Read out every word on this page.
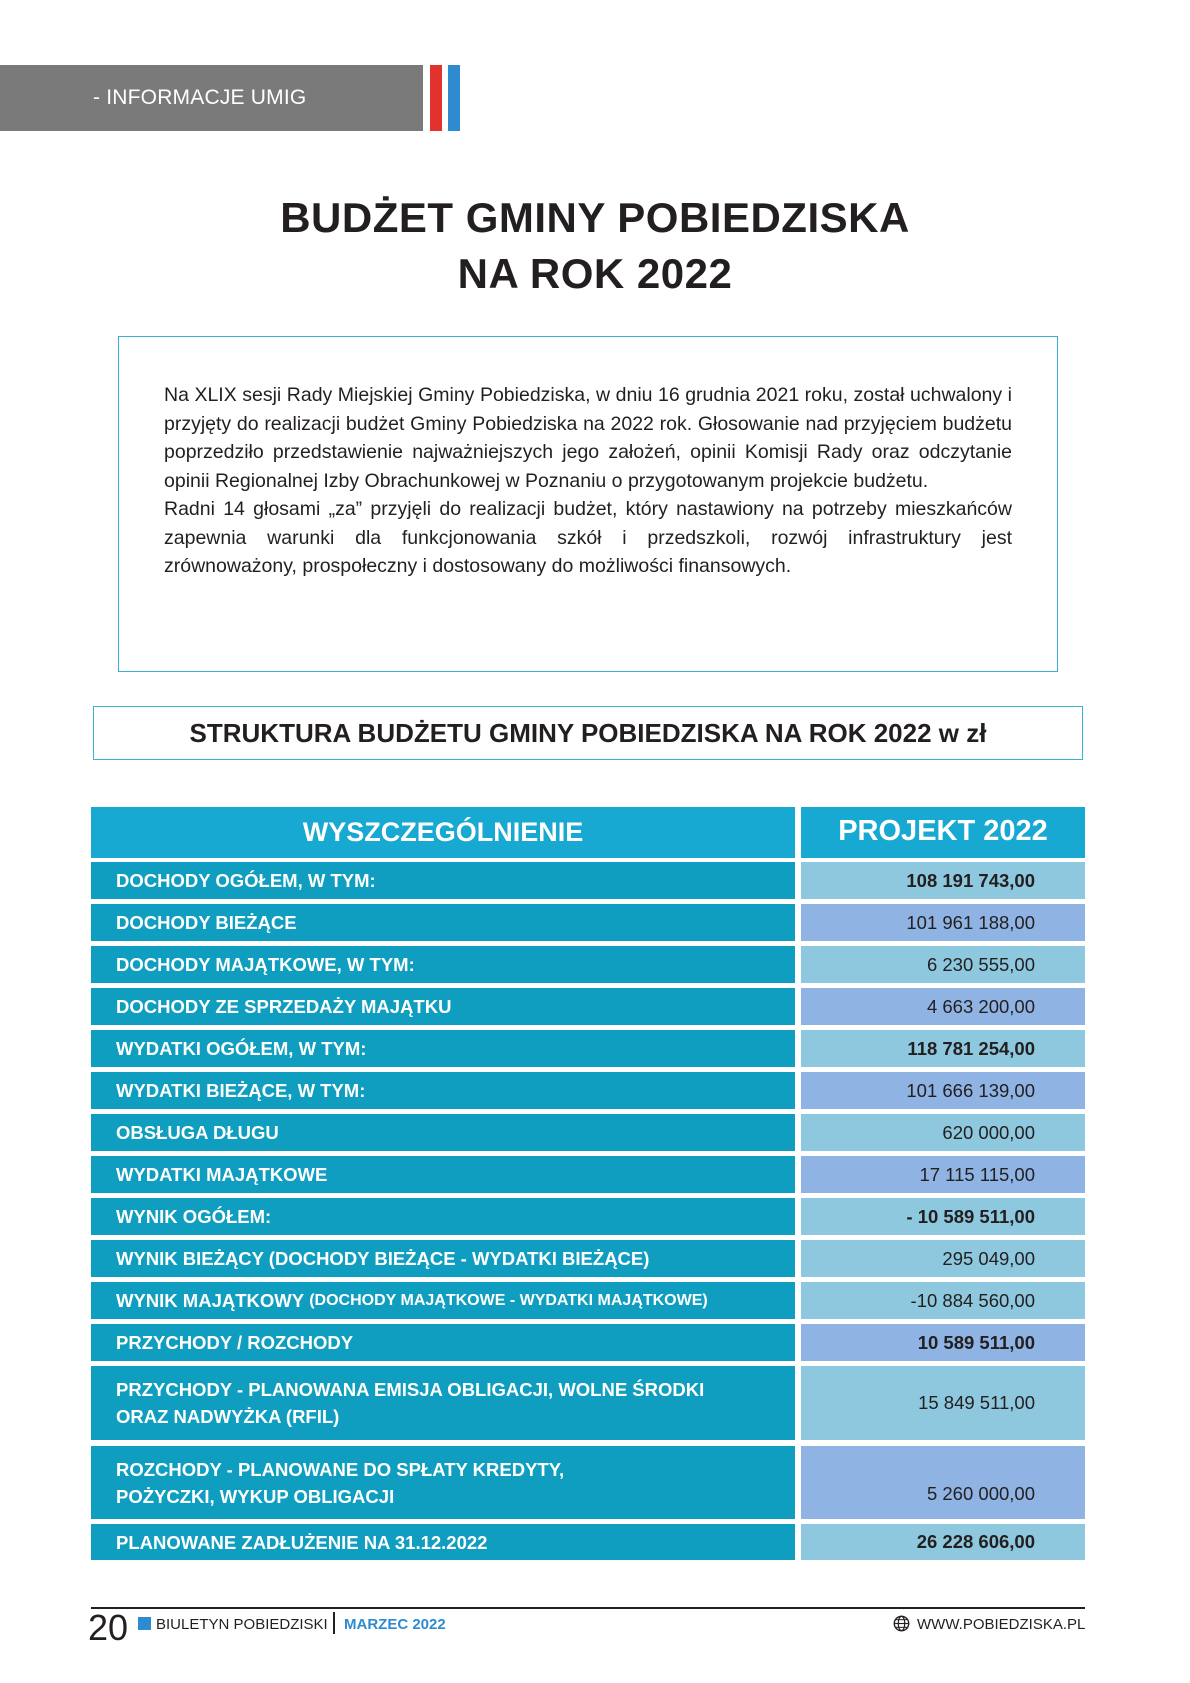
- INFORMACJE UMIG
BUDŻET GMINY POBIEDZISKA
NA ROK 2022

Na XLIX sesji Rady Miejskiej Gminy Pobiedziska, w dniu 16 grudnia 2021 roku, został uchwalony i przyjęty do realizacji budżet Gminy Pobiedziska na 2022 rok. Głosowanie nad przyjęciem budżetu poprzedziło przedstawienie najważniejszych jego założeń, opinii Komisji Rady oraz odczytanie opinii Regionalnej Izby Obrachunkowej w Poznaniu o przygotowanym projekcie budżetu.

Radni 14 głosami „za” przyjęli do realizacji budżet, który nastawiony na potrzeby mieszkańców zapewnia warunki dla funkcjonowania szkół i przedszkoli, rozwój infrastruktury jest zrównoważony, prospołeczny i dostosowany do możliwości finansowych.

STRUKTURA BUDŻETU GMINY POBIEDZISKA NA ROK 2022 w zł
WYSZCZEGÓLNIENIE	PROJEKT 2022
DOCHODY OGÓŁEM, W TYM:	108 191 743,00
DOCHODY BIEŻĄCE	101 961 188,00
DOCHODY MAJĄTKOWE, W TYM:	6 230 555,00
DOCHODY ZE SPRZEDAŻY MAJĄTKU	4 663 200,00
WYDATKI OGÓŁEM, W TYM:	118 781 254,00
WYDATKI BIEŻĄCE, W TYM:	101 666 139,00
OBSŁUGA DŁUGU	620 000,00
WYDATKI MAJĄTKOWE	17 115 115,00
WYNIK OGÓŁEM:	- 10 589 511,00
WYNIK BIEŻĄCY (DOCHODY BIEŻĄCE - WYDATKI BIEŻĄCE)	295 049,00
WYNIK MAJĄTKOWY
(DOCHODY MAJĄTKOWE - WYDATKI MAJĄTKOWE)	-10 884 560,00
PRZYCHODY / ROZCHODY	10 589 511,00
PRZYCHODY - PLANOWANA EMISJA OBLIGACJI, WOLNE ŚRODKI
ORAZ NADWYŻKA (RFIL)
15 849 511,00
ROZCHODY - PLANOWANE DO SPŁATY KREDYTY,
POŻYCZKI, WYKUP OBLIGACJI	5 260 000,00
PLANOWANE ZADŁUŻENIE NA 31.12.2022	26 228 606,00
20 BIULETYN POBIEDZISKI MARZEC 2022	WWW.POBIEDZISKA.PL
